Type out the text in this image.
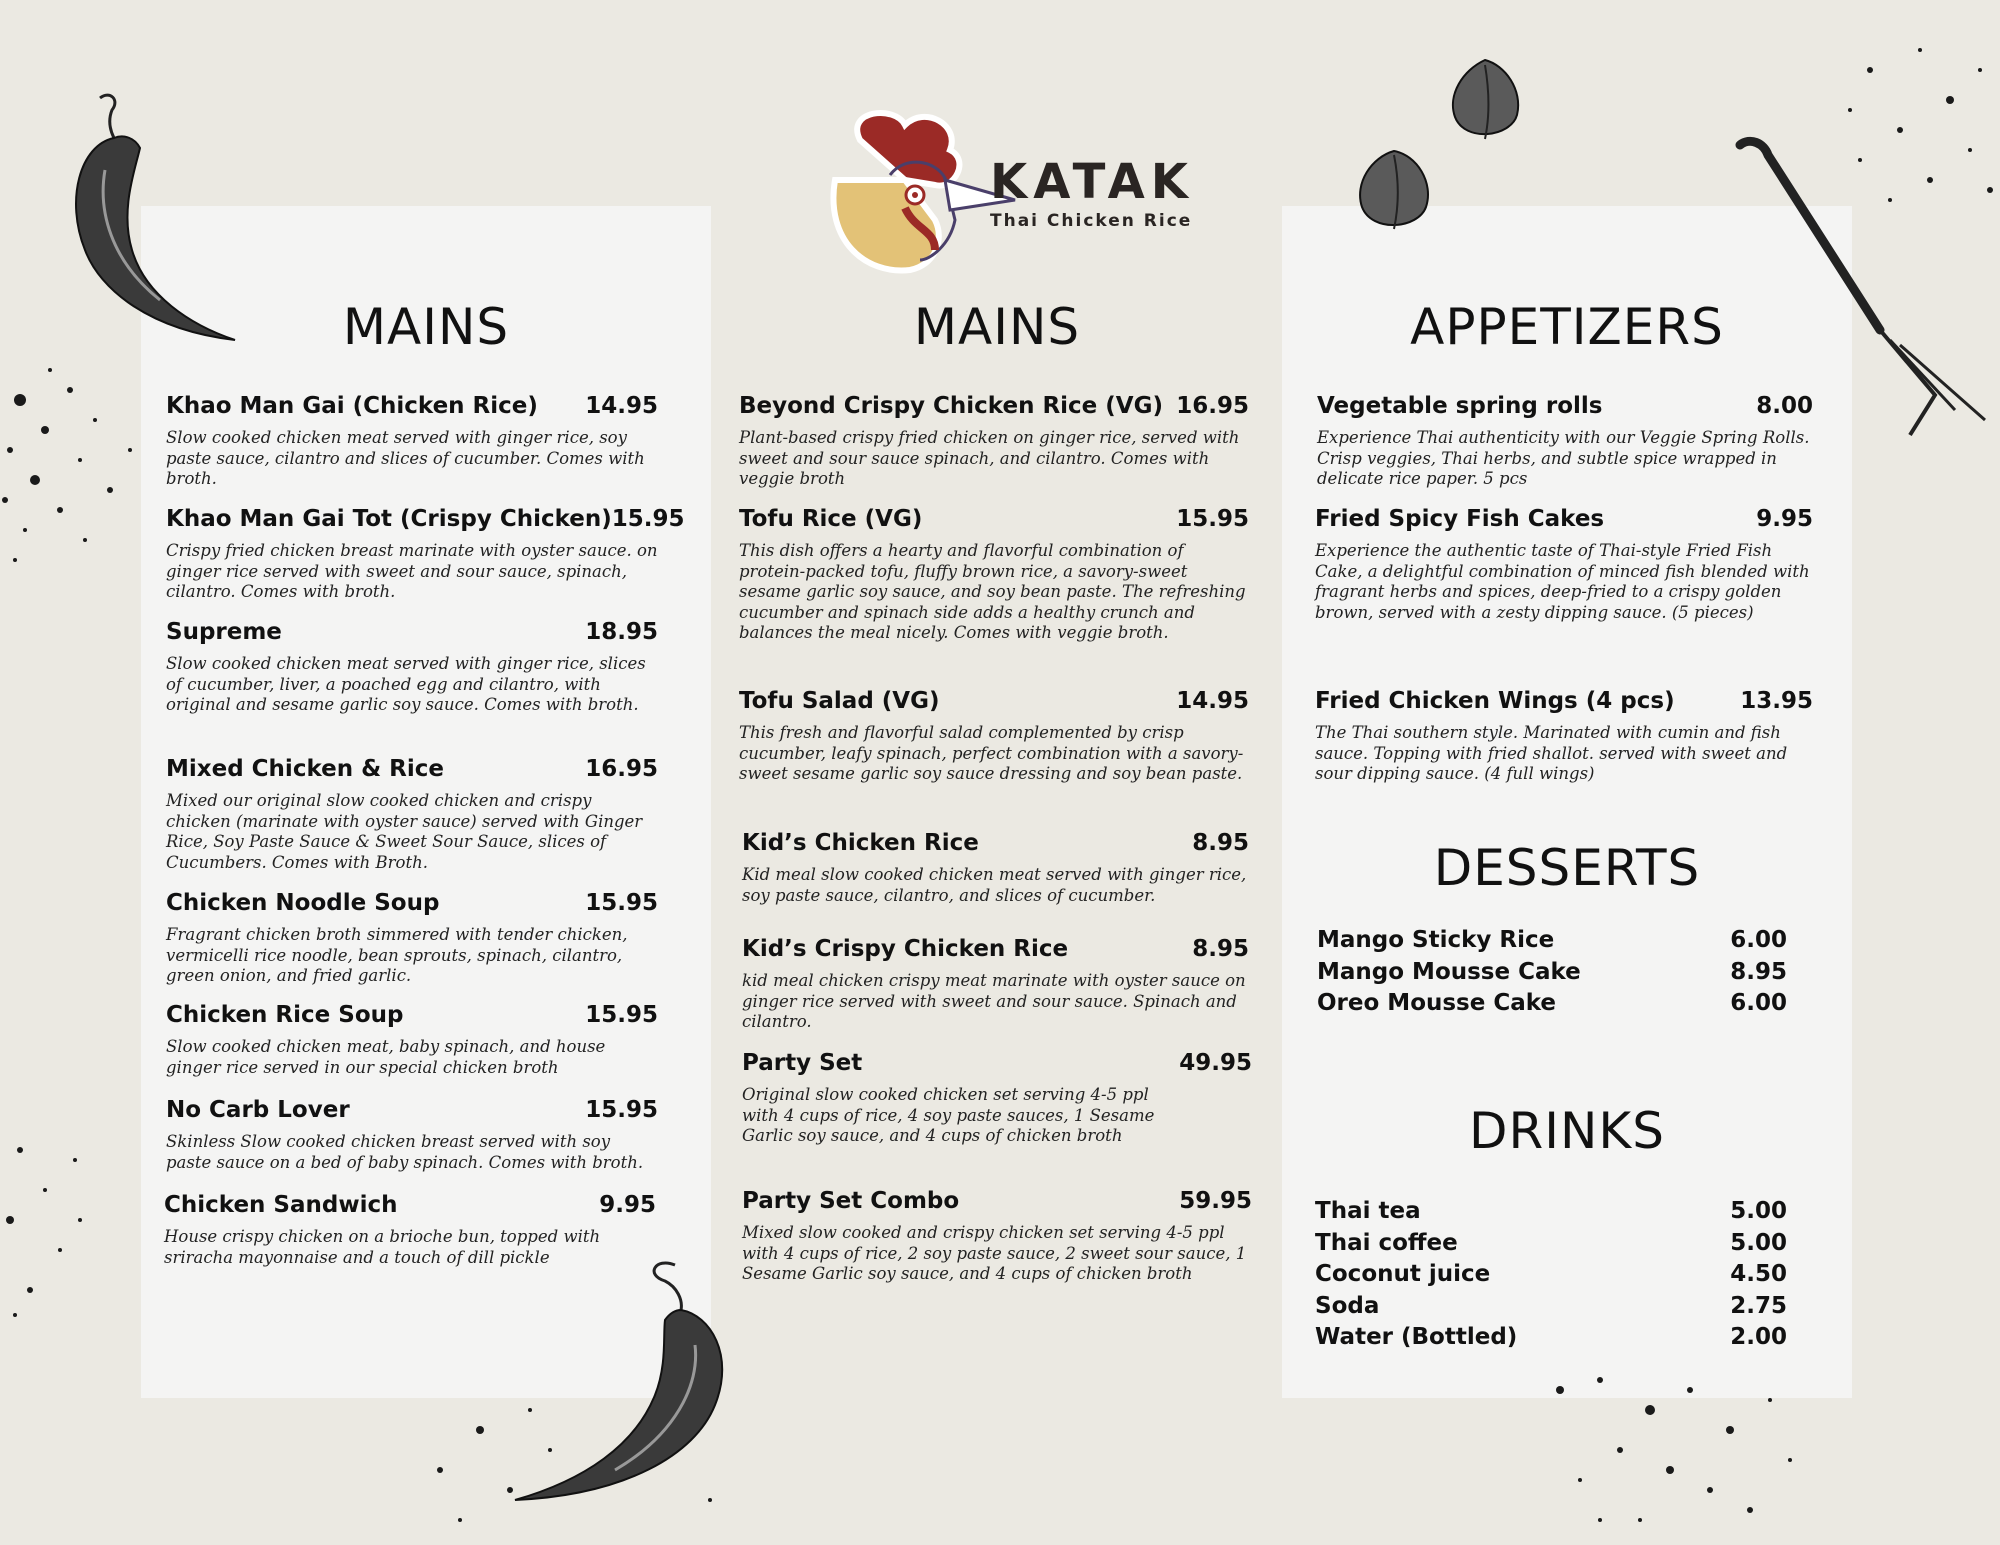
KATAK
Thai Chicken Rice
MAINS
Khao Man Gai (Chicken Rice) 14.95
Slow cooked chicken meat served with ginger rice, soy paste sauce, cilantro and slices of cucumber. Comes with broth.
Khao Man Gai Tot (Crispy Chicken) 15.95
Crispy fried chicken breast marinate with oyster sauce. on ginger rice served with sweet and sour sauce, spinach, cilantro. Comes with broth.
Supreme	18.95
Slow cooked chicken meat served with ginger rice, slices of cucumber, liver, a poached egg and cilantro, with original and sesame garlic soy sauce. Comes with broth.
Mixed Chicken & Rice	16.95
Mixed our original slow cooked chicken and crispy chicken (marinate with oyster sauce) served with Ginger Rice, Soy Paste Sauce & Sweet Sour Sauce, slices of Cucumbers. Comes with Broth.
Chicken Noodle Soup	15.95
Fragrant chicken broth simmered with tender chicken, vermicelli rice noodle, bean sprouts, spinach, cilantro, green onion, and fried garlic.
Chicken Rice Soup	15.95
Slow cooked chicken meat, baby spinach, and house ginger rice served in our special chicken broth
No Carb Lover	15.95
Skinless Slow cooked chicken breast served with soy paste sauce on a bed of baby spinach. Comes with broth.
Chicken Sandwich	9.95
House crispy chicken on a brioche bun, topped with sriracha mayonnaise and a touch of dill pickle
MAINS
Beyond Crispy Chicken Rice (VG) 16.95
Plant-based crispy fried chicken on ginger rice, served with sweet and sour sauce spinach, and cilantro. Comes with veggie broth
Tofu Rice (VG)	15.95
This dish offers a hearty and flavorful combination of protein-packed tofu, fluffy brown rice, a savory-sweet sesame garlic soy sauce, and soy bean paste. The refreshing cucumber and spinach side adds a healthy crunch and balances the meal nicely. Comes with veggie broth.
Tofu Salad (VG)	14.95
This fresh and flavorful salad complemented by crisp cucumber, leafy spinach, perfect combination with a savory-sweet sesame garlic soy sauce dressing and soy bean paste.
Kid’s Chicken Rice	8.95
Kid meal slow cooked chicken meat served with ginger rice, soy paste sauce, cilantro, and slices of cucumber.
Kid’s Crispy Chicken Rice	8.95
kid meal chicken crispy meat marinate with oyster sauce on ginger rice served with sweet and sour sauce. Spinach and cilantro.
Party Set	49.95
Original slow cooked chicken set serving 4-5 ppl with 4 cups of rice, 4 soy paste sauces, 1 Sesame Garlic soy sauce, and 4 cups of chicken broth
Party Set Combo	59.95
Mixed slow cooked and crispy chicken set serving 4-5 ppl with 4 cups of rice, 2 soy paste sauce, 2 sweet sour sauce, 1 Sesame Garlic soy sauce, and 4 cups of chicken broth
APPETIZERS
Vegetable spring rolls	8.00
Experience Thai authenticity with our Veggie Spring Rolls. Crisp veggies, Thai herbs, and subtle spice wrapped in delicate rice paper. 5 pcs
Fried Spicy Fish Cakes	9.95
Experience the authentic taste of Thai-style Fried Fish Cake, a delightful combination of minced fish blended with fragrant herbs and spices, deep-fried to a crispy golden brown, served with a zesty dipping sauce. (5 pieces)
Fried Chicken Wings (4 pcs)	13.95
The Thai southern style. Marinated with cumin and fish sauce. Topping with fried shallot. served with sweet and sour dipping sauce. (4 full wings)
DESSERTS
Mango Sticky Rice	6.00
Mango Mousse Cake	8.95
Oreo Mousse Cake	6.00
DRINKS
Thai tea	5.00
Thai coffee	5.00
Coconut juice	4.50
Soda	2.75
Water (Bottled)	2.00
